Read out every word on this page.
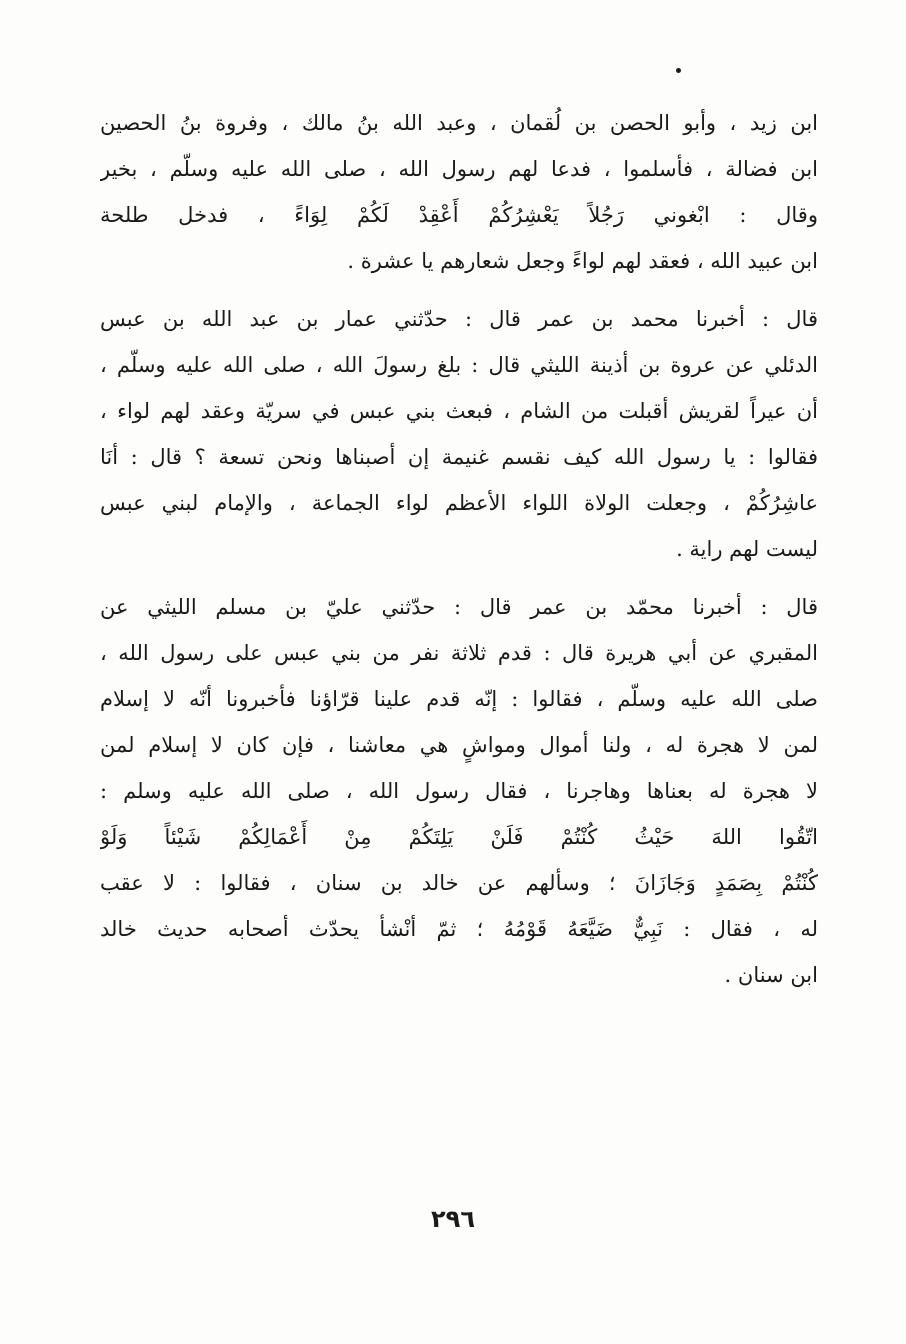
ابن زيد ، وأبو الحصن بن لُقمان ، وعبد الله بنُ مالك ، وفروة بنُ الحصين
ابن فضالة ، فأسلموا ، فدعا لهم رسول الله ، صلى الله عليه وسلّم ، بخير
وقال : ابْغوني رَجُلاً يَعْشِرُكُمْ أَعْقِدْ لَكُمْ لِوَاءً ، فدخل طلحة
ابن عبيد الله ، فعقد لهم لواءً وجعل شعارهم يا عشرة .

قال : أخبرنا محمد بن عمر قال : حدّثني عمار بن عبد الله بن عبس
الدئلي عن عروة بن أذينة الليثي قال : بلغ رسولَ الله ، صلى الله عليه وسلّم ،
أن عيراً لقريش أقبلت من الشام ، فبعث بني عبس في سريّة وعقد لهم لواء ،
فقالوا : يا رسول الله كيف نقسم غنيمة إن أصبناها ونحن تسعة ؟ قال : أنَا
عاشِرُكُمْ ، وجعلت الولاة اللواء الأعظم لواء الجماعة ، والإمام لبني عبس
ليست لهم راية .

قال : أخبرنا محمّد بن عمر قال : حدّثني عليّ بن مسلم الليثي عن
المقبري عن أبي هريرة قال : قدم ثلاثة نفر من بني عبس على رسول الله ،
صلى الله عليه وسلّم ، فقالوا : إنّه قدم علينا قرّاؤنا فأخبرونا أنّه لا إسلام
لمن لا هجرة له ، ولنا أموال ومواشٍ هي معاشنا ، فإن كان لا إسلام لمن
لا هجرة له بعناها وهاجرنا ، فقال رسول الله ، صلى الله عليه وسلم :
اتّقُوا اللهَ حَيْثُ كُنْتُمْ فَلَنْ يَلِتَكُمْ مِنْ أَعْمَالِكُمْ شَيْئاً وَلَوْ
كُنْتُمْ بِصَمَدٍ وَجَازَانَ ؛ وسألهم عن خالد بن سنان ، فقالوا : لا عقب
له ، فقال : نَبِيٌّ ضَيَّعَهُ قَوْمُهُ ؛ ثمّ أنْشأ يحدّث أصحابه حديث خالد
ابن سنان .

٢٩٦
